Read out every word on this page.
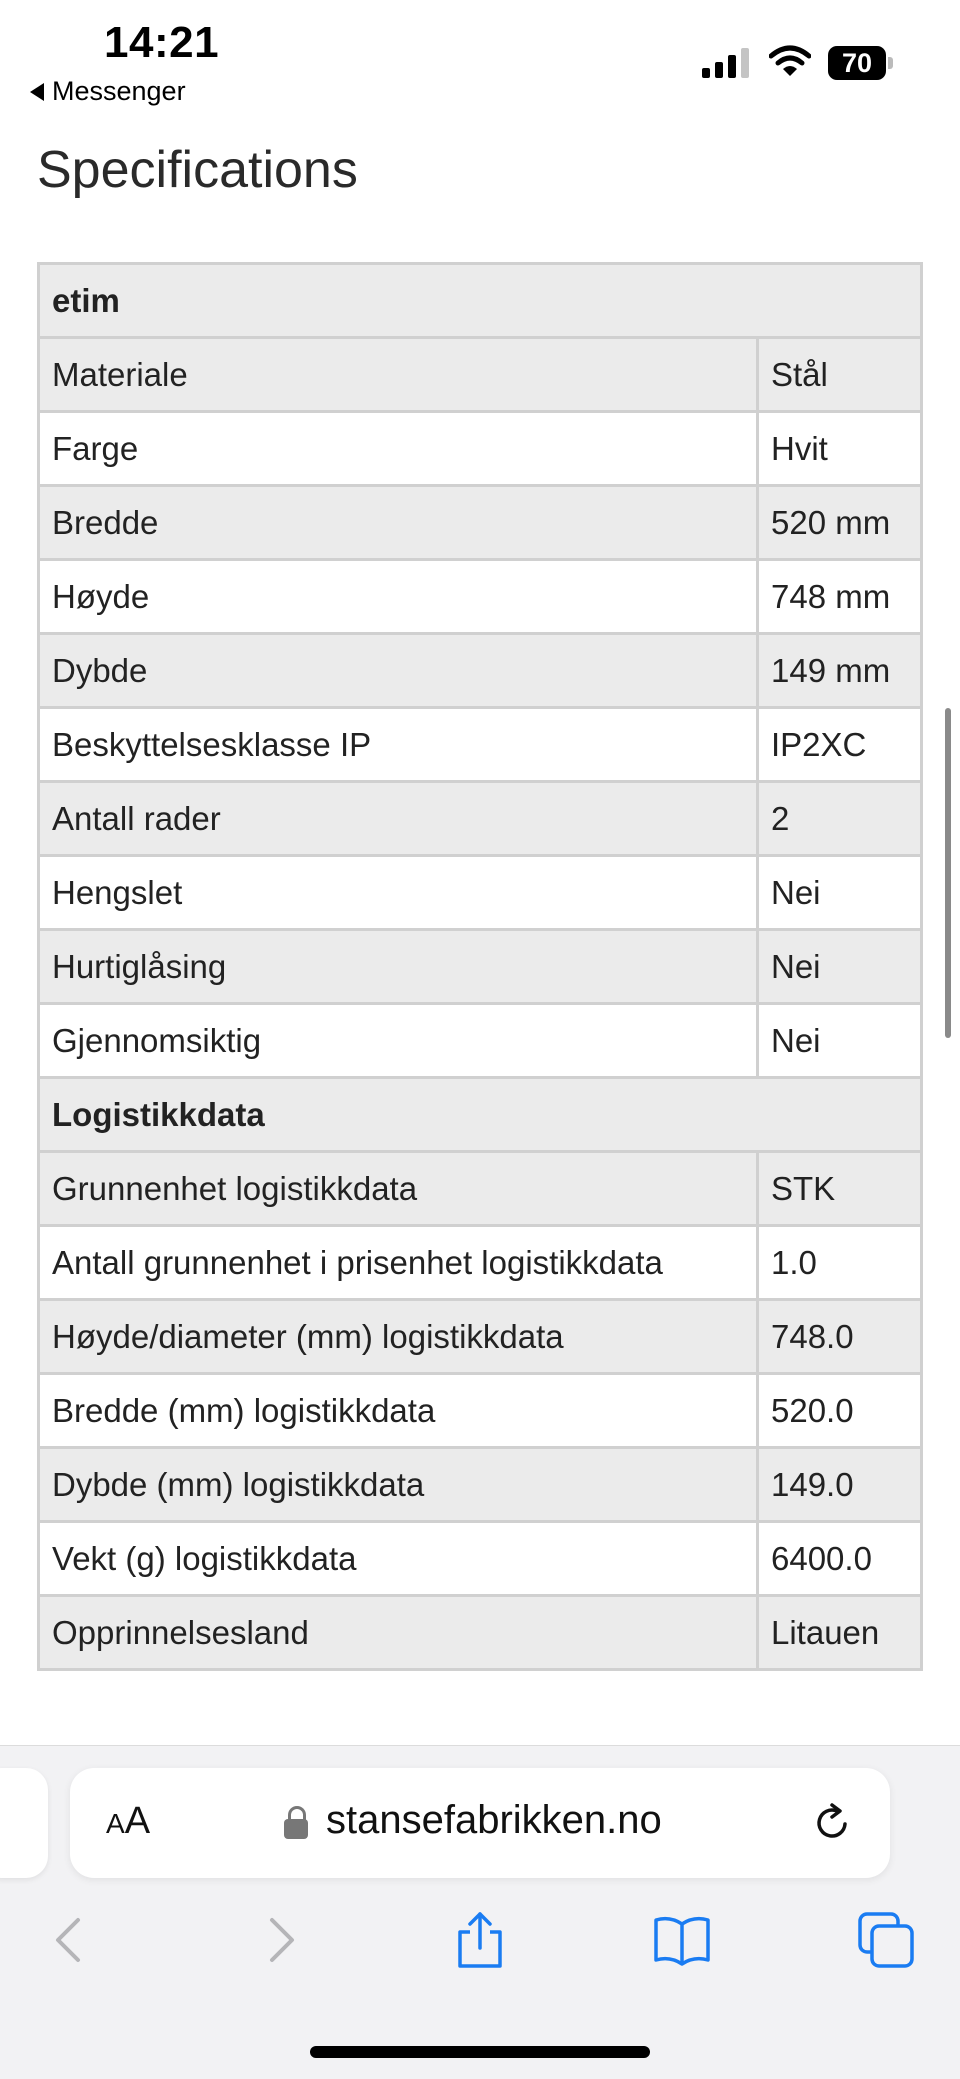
14:21
Messenger
70
Specifications
etim	
Materiale	Stål
Farge	Hvit
Bredde	520 mm
Høyde	748 mm
Dybde	149 mm
Beskyttelsesklasse IP	IP2XC
Antall rader	2
Hengslet	Nei
Hurtiglåsing	Nei
Gjennomsiktig	Nei
Logistikkdata	
Grunnenhet logistikkdata	STK
Antall grunnenhet i prisenhet logistikkdata	1.0
Høyde/diameter (mm) logistikkdata	748.0
Bredde (mm) logistikkdata	520.0
Dybde (mm) logistikkdata	149.0
Vekt (g) logistikkdata	6400.0
Opprinnelsesland	Litauen
AA	stansefabrikken.no
